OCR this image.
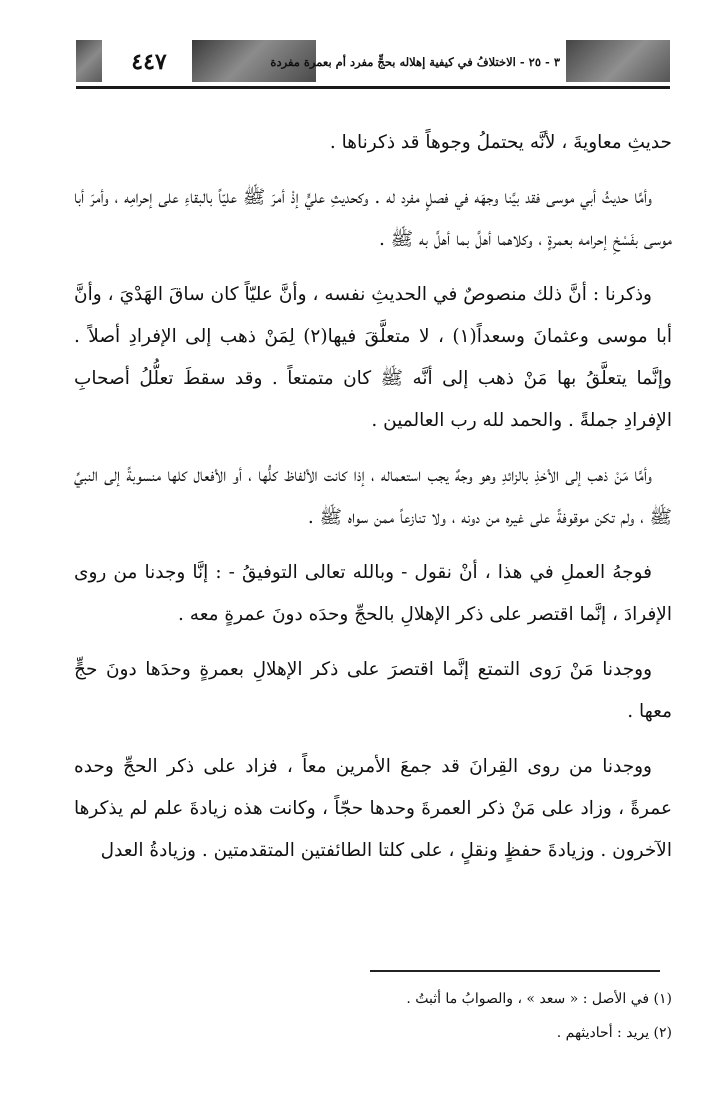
٤٤٧	٣ - ٢٥ - الاختلافُ في كيفية إهلاله بحجٍّ مفرد أم بعمرة مفردة

حديثِ معاويةَ ، لأنَّه يحتملُ وجوهاً قد ذكرناها .

وأمَّا حديثُ أبي موسى فقد بيَّنا وجهَه في فصلٍ مفرد له . وكحديثِ عليٍّ إذْ أمرَ ﷺ عليّاً بالبقاءِ على إحرامِه ، وأمرَ أبا موسى بفَسْخِ إحرامه بعمرةٍ ، وكلاهما أهلَّ بما أهلَّ به ﷺ .

وذكرنا : أنَّ ذلك منصوصٌ في الحديثِ نفسه ، وأنَّ عليّاً كان ساقَ الهَدْيَ ، وأنَّ أبا موسى وعثمانَ وسعداً(١) ، لا متعلَّقَ فيها(٢) لِمَنْ ذهب إلى الإفرادِ أصلاً . وإنَّما يتعلَّقُ بها مَنْ ذهب إلى أنَّه ﷺ كان متمتعاً . وقد سقطَ تعلُّلُ أصحابِ الإفرادِ جملةً . والحمد لله رب العالمين .

وأمَّا مَنْ ذهب إلى الأخذِ بالزائدِ وهو وجهٌ يجب استعماله ، إذا كانت الألفاظ كلُّها ، أو الأفعال كلها منسوبةً إلى النبيِّ ﷺ ، ولم تكن موقوفةً على غيره من دونه ، ولا تنازعاً ممن سواه ﷺ .

فوجهُ العملِ في هذا ، أنْ نقول - وبالله تعالى التوفيقُ - : إنَّا وجدنا من روى الإفرادَ ، إنَّما اقتصر على ذكر الإهلالِ بالحجِّ وحدَه دونَ عمرةٍ معه .

ووجدنا مَنْ رَوى التمتع إنَّما اقتصرَ على ذكر الإهلالِ بعمرةٍ وحدَها دونَ حجٍّ معها .

ووجدنا من روى القِرانَ قد جمعَ الأمرين معاً ، فزاد على ذكر الحجِّ وحده عمرةً ، وزاد على مَنْ ذكر العمرةَ وحدها حجّاً ، وكانت هذه زيادةَ علم لم يذكرها الآخرون . وزيادةَ حفظٍ ونقلٍ ، على كلتا الطائفتين المتقدمتين . وزيادةُ العدل

(١) في الأصل : « سعد » ، والصوابُ ما أثبتُ .

(٢) يريد : أحاديثهم .
